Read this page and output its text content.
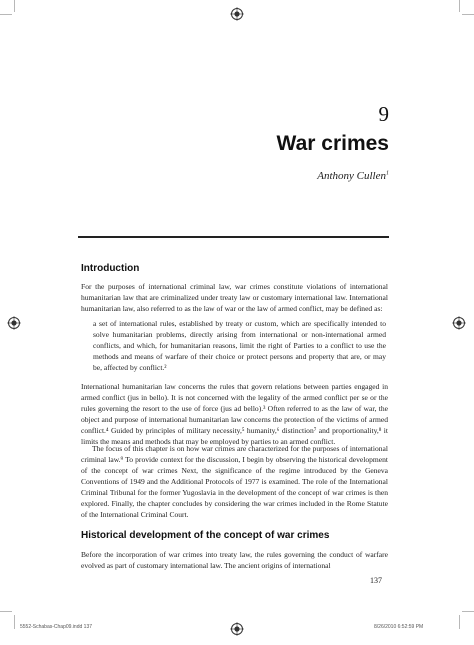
9
War crimes
Anthony Cullen$^1$
Introduction

For the purposes of international criminal law, war crimes constitute violations of international humanitarian law that are criminalized under treaty law or customary international law. International humanitarian law, also referred to as the law of war or the law of armed conflict, may be defined as:

a set of international rules, established by treaty or custom, which are specifically intended to solve humanitarian problems, directly arising from international or non-international armed conflicts, and which, for humanitarian reasons, limit the right of Parties to a conflict to use the methods and means of warfare of their choice or protect persons and property that are, or may be, affected by conflict.²

International humanitarian law concerns the rules that govern relations between parties engaged in armed conflict (jus in bello). It is not concerned with the legality of the armed conflict per se or the rules governing the resort to the use of force (jus ad bello).³ Often referred to as the law of war, the object and purpose of international humanitarian law concerns the protection of the victims of armed conflict.⁴ Guided by principles of military necessity,⁵ humanity,⁶ distinction⁷ and proportionality,⁸ it limits the means and methods that may be employed by parties to an armed conflict.

The focus of this chapter is on how war crimes are characterized for the purposes of international criminal law.⁹ To provide context for the discussion, I begin by observing the historical development of the concept of war crimes Next, the significance of the regime introduced by the Geneva Conventions of 1949 and the Additional Protocols of 1977 is examined. The role of the International Criminal Tribunal for the former Yugoslavia in the development of the concept of war crimes is then explored. Finally, the chapter concludes by considering the war crimes included in the Rome Statute of the International Criminal Court.

Historical development of the concept of war crimes

Before the incorporation of war crimes into treaty law, the rules governing the conduct of warfare evolved as part of customary international law. The ancient origins of international

137
5552-Schabas-Chap09.indd 137	8/26/2010 6:52:59 PM
